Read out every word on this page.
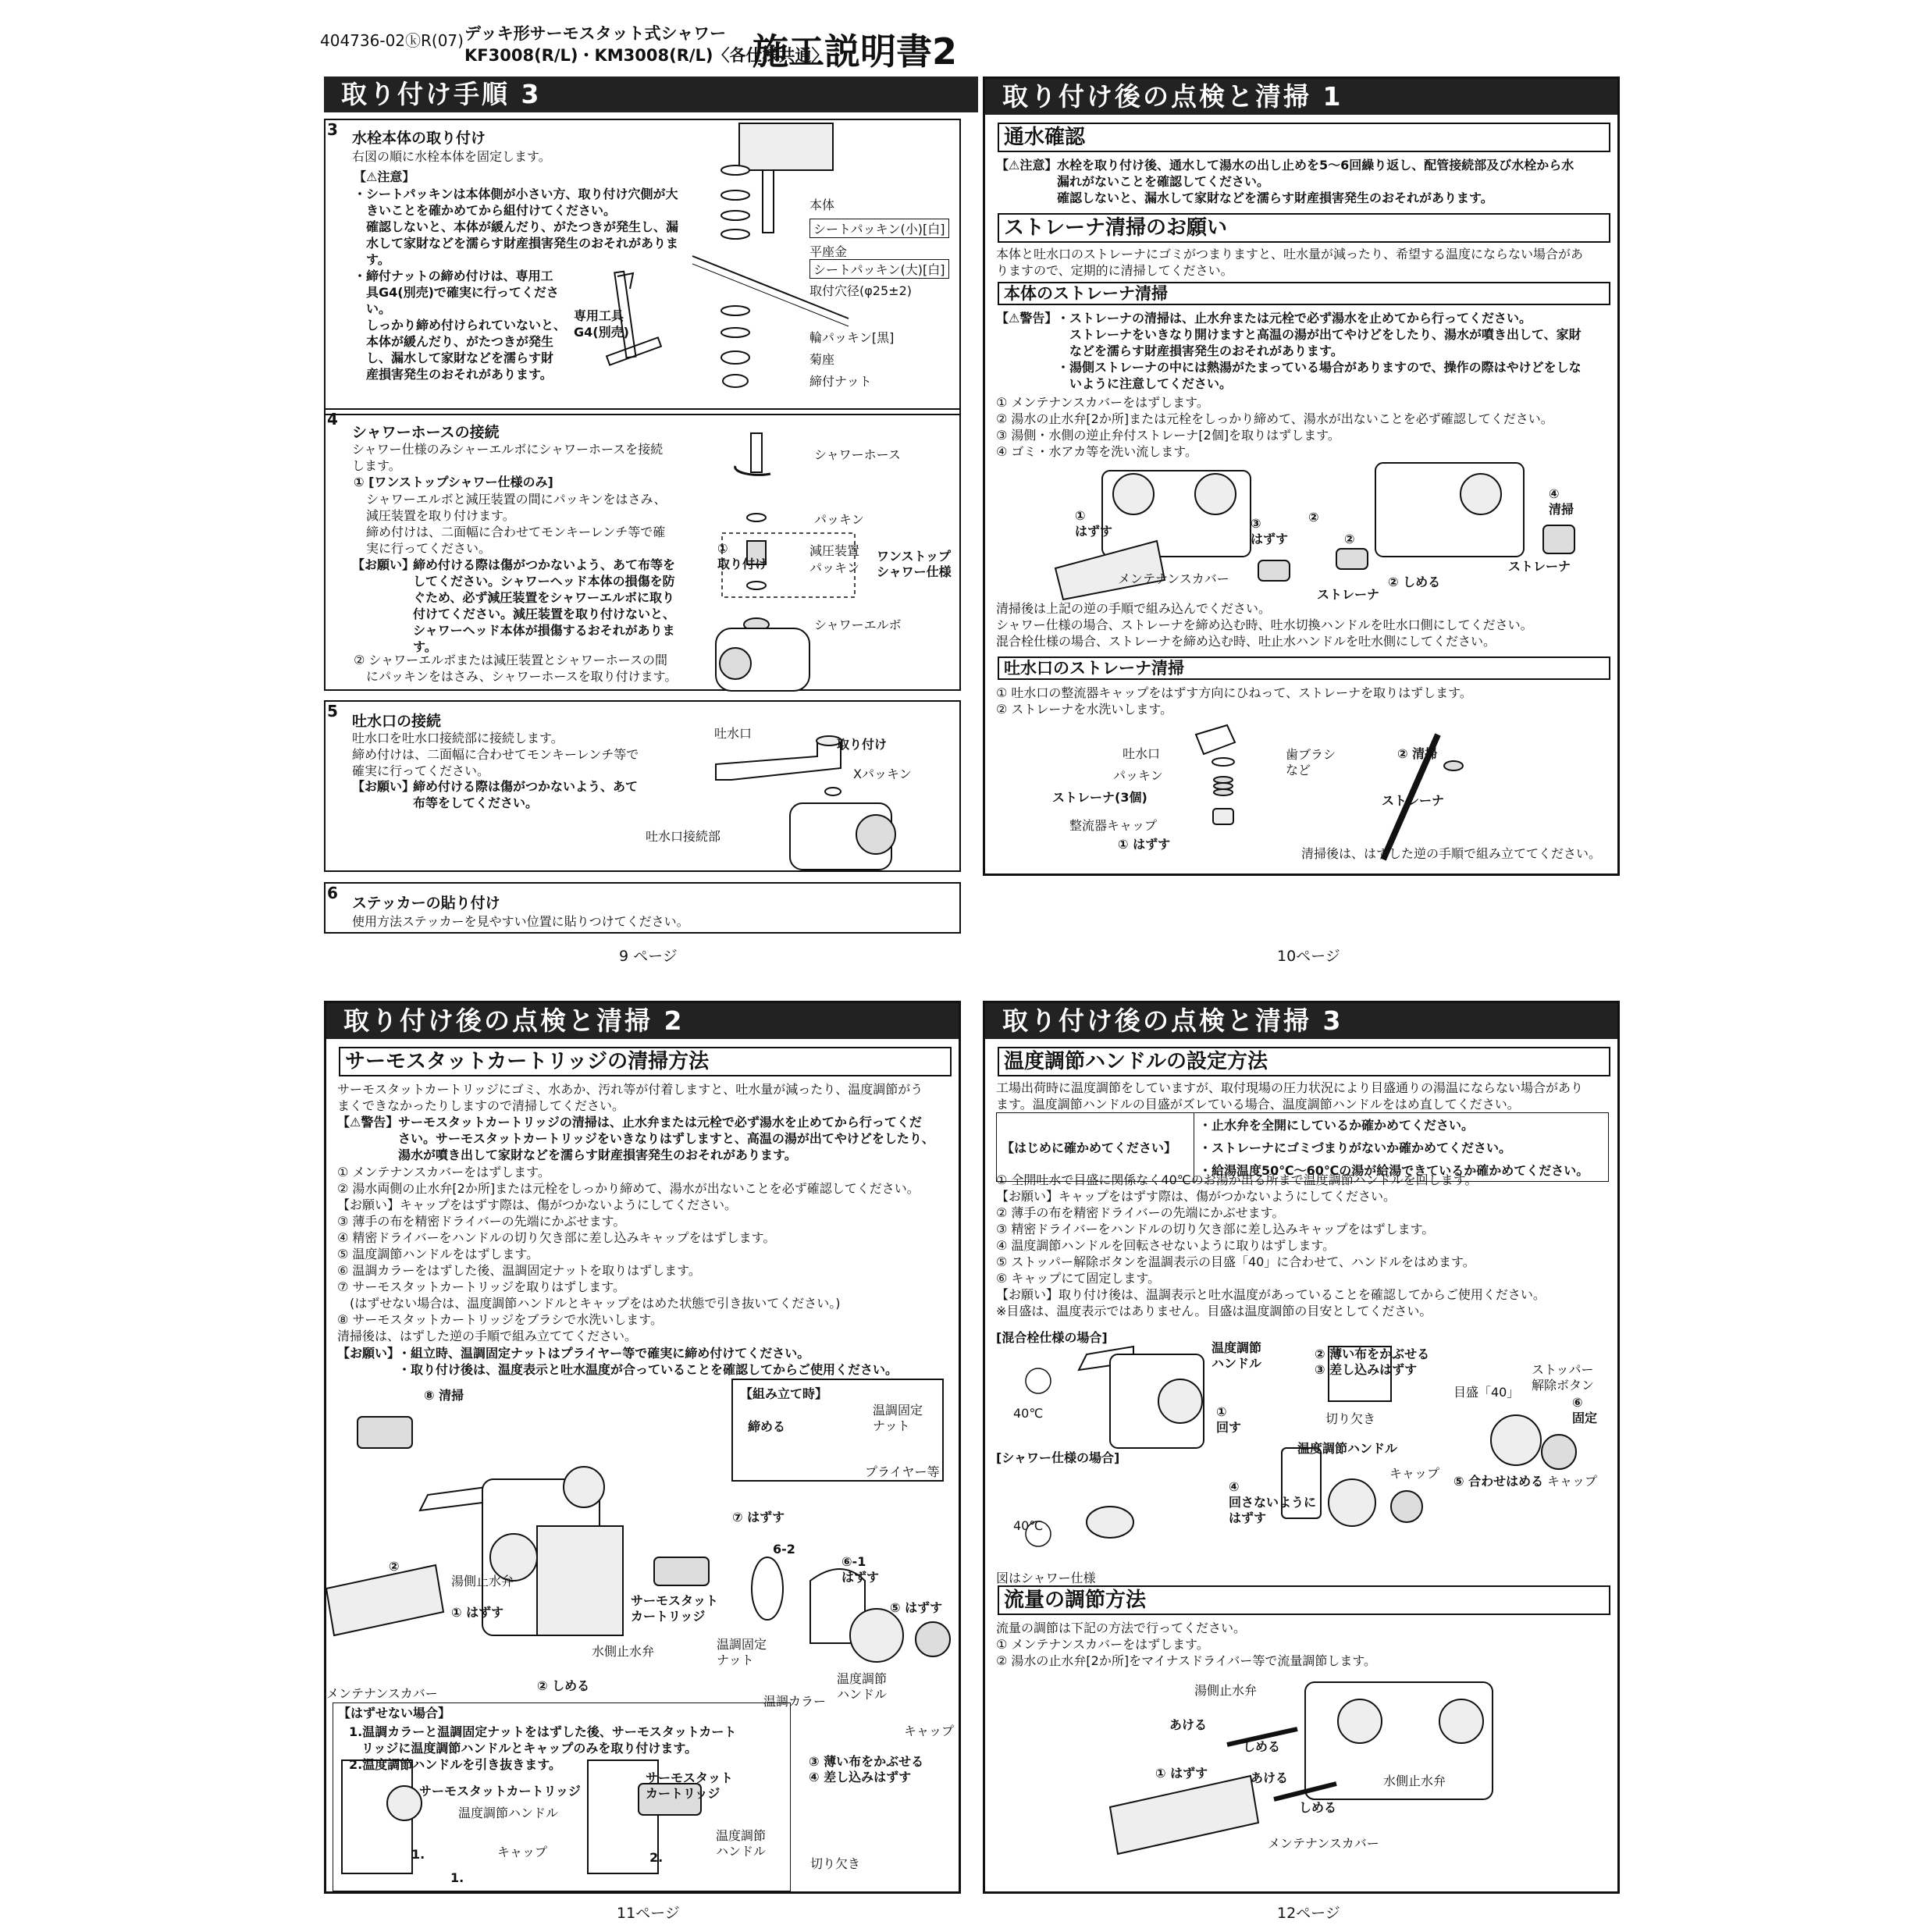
404736-02ⓚR(07) デッキ形サーモスタット式シャワー
KF3008(R/L)・KM3008(R/L)〈各仕様共通〉
施工説明書2
取り付け手順 3
3 水栓本体の取り付け
右図の順に水栓本体を固定します。
【⚠注意】
・シートパッキンは本体側が小さい方、取り付け穴側が大
　きいことを確かめてから組付けてください。
　確認しないと、本体が緩んだり、がたつきが発生し、漏
　水して家財などを濡らす財産損害発生のおそれがありま
　す。
・締付ナットの締め付けは、専用工
　具G4(別売)で確実に行ってくださ
　い。
　しっかり締め付けられていないと、
　本体が緩んだり、がたつきが発生
　し、漏水して家財などを濡らす財
　産損害発生のおそれがあります。
専用工具
G4(別売)
本体
シートパッキン(小)[白]
平座金
シートパッキン(大)[白]
取付穴径(φ25±2)
輪パッキン[黒]
菊座
締付ナット
4
シャワーホースの接続
シャワー仕様のみシャーエルボにシャワーホースを接続
します。
① [ワンストップシャワー仕様のみ]
　シャワーエルボと減圧装置の間にパッキンをはさみ、
　減圧装置を取り付けます。
　締め付けは、二面幅に合わせてモンキーレンチ等で確
　実に行ってください。
【お願い】
締め付ける際は傷がつかないよう、あて布等を
してください。シャワーヘッド本体の損傷を防
ぐため、必ず減圧装置をシャワーエルボに取り
付けてください。減圧装置を取り付けないと、
シャワーヘッド本体が損傷するおそれがありま
す。
② シャワーエルボまたは減圧装置とシャワーホースの間
　にパッキンをはさみ、シャワーホースを取り付けます。
シャワーホース
パッキン
①
取り付け
減圧装置
パッキン
ワンストップ
シャワー仕様
シャワーエルボ
5
吐水口の接続
吐水口を吐水口接続部に接続します。
締め付けは、二面幅に合わせてモンキーレンチ等で
確実に行ってください。
【お願い】
締め付ける際は傷がつかないよう、あて
布等をしてください。
吐水口
取り付け
Xパッキン
吐水口接続部
6
ステッカーの貼り付け
使用方法ステッカーを見やすい位置に貼りつけてください。
9 ページ
取り付け後の点検と清掃 1
通水確認
【⚠注意】 水栓を取り付け後、通水して湯水の出し止めを5～6回繰り返し、配管接続部及び水栓から水
漏れがないことを確認してください。
確認しないと、漏水して家財などを濡らす財産損害発生のおそれがあります。
ストレーナ清掃のお願い
本体と吐水口のストレーナにゴミがつまりますと、吐水量が減ったり、希望する温度にならない場合があ
りますので、定期的に清掃してください。
本体のストレーナ清掃
【⚠警告】 ・ストレーナの清掃は、止水弁または元栓で必ず湯水を止めてから行ってください。
　ストレーナをいきなり開けますと高温の湯が出てやけどをしたり、湯水が噴き出して、家財
　などを濡らす財産損害発生のおそれがあります。
・湯側ストレーナの中には熱湯がたまっている場合がありますので、操作の際はやけどをしな
　いように注意してください。
① メンテナンスカバーをはずします。
② 湯水の止水弁[2か所]または元栓をしっかり締めて、湯水が出ないことを必ず確認してください。
③ 湯側・水側の逆止弁付ストレーナ[2個]を取りはずします。
④ ゴミ・水アカ等を洗い流します。
①
はずす
メンテナンスカバー
③
はずす
②
②
ストレーナ
② しめる
④
清掃
ストレーナ
清掃後は上記の逆の手順で組み込んでください。
シャワー仕様の場合、ストレーナを締め込む時、吐水切換ハンドルを吐水口側にしてください。
混合栓仕様の場合、ストレーナを締め込む時、吐止水ハンドルを吐水側にしてください。
吐水口のストレーナ清掃
① 吐水口の整流器キャップをはずす方向にひねって、ストレーナを取りはずします。
② ストレーナを水洗いします。
吐水口
パッキン
ストレーナ(3個)
整流器キャップ
① はずす
歯ブラシ
など
② 清掃
ストレーナ
清掃後は、はずした逆の手順で組み立ててください。
10ページ
取り付け後の点検と清掃 2
サーモスタットカートリッジの清掃方法
サーモスタットカートリッジにゴミ、水あか、汚れ等が付着しますと、吐水量が減ったり、温度調節がう
まくできなかったりしますので清掃してください。
【⚠警告】 サーモスタットカートリッジの清掃は、止水弁または元栓で必ず湯水を止めてから行ってくだ
さい。サーモスタットカートリッジをいきなりはずしますと、高温の湯が出てやけどをしたり、
湯水が噴き出して家財などを濡らす財産損害発生のおそれがあります。
① メンテナンスカバーをはずします。
② 湯水両側の止水弁[2か所]または元栓をしっかり締めて、湯水が出ないことを必ず確認してください。
【お願い】キャップをはずす際は、傷がつかないようにしてください。
③ 薄手の布を精密ドライバーの先端にかぶせます。
④ 精密ドライバーをハンドルの切り欠き部に差し込みキャップをはずします。
⑤ 温度調節ハンドルをはずします。
⑥ 温調カラーをはずした後、温調固定ナットを取りはずします。
⑦ サーモスタットカートリッジを取りはずします。
　(はずせない場合は、温度調節ハンドルとキャップをはめた状態で引き抜いてください。)
⑧ サーモスタットカートリッジをブラシで水洗いします。
清掃後は、はずした逆の手順で組み立ててください。
【お願い】
・組立時、温調固定ナットはプライヤー等で確実に締め付けてください。
・取り付け後は、温度表示と吐水温度が合っていることを確認してからご使用ください。
⑧ 清掃	【組み立て時】
締める
温調固定
ナット
プライヤー等
⑦ はずす
6-2
⑥-1
はずす
⑤ はずす
②
湯側止水弁
① はずす
サーモスタット
カートリッジ
温調固定
ナット
温調カラー
温度調節
ハンドル
キャップ
水側止水弁
メンテナンスカバー
② しめる
③ 薄い布をかぶせる
④ 差し込みはずす
切り欠き
【はずせない場合】
1.温調カラーと温調固定ナットをはずした後、サーモスタットカート
　リッジに温度調節ハンドルとキャップのみを取り付けます。
2.温度調節ハンドルを引き抜きます。
サーモスタットカートリッジ
温度調節ハンドル
キャップ
1.
1.
サーモスタット
カートリッジ
温度調節
ハンドル
2.
11ページ
取り付け後の点検と清掃 3
温度調節ハンドルの設定方法
工場出荷時に温度調節をしていますが、取付現場の圧力状況により目盛通りの湯温にならない場合があり
ます。温度調節ハンドルの目盛がズレている場合、温度調節ハンドルをはめ直してください。
【はじめに確かめてください】	・止水弁を全開にしているか確かめてください。
・ストレーナにゴミづまりがないか確かめてください。
・給湯温度50℃～60℃の湯が給湯できているか確かめてください。
① 全開吐水で目盛に関係なく40℃のお湯が出る所まで温度調節ハンドルを回します。
【お願い】キャップをはずす際は、傷がつかないようにしてください。
② 薄手の布を精密ドライバーの先端にかぶせます。
③ 精密ドライバーをハンドルの切り欠き部に差し込みキャップをはずします。
④ 温度調節ハンドルを回転させないように取りはずします。
⑤ ストッパー解除ボタンを温調表示の目盛「40」に合わせて、ハンドルをはめます。
⑥ キャップにて固定します。
【お願い】取り付け後は、温調表示と吐水温度があっていることを確認してからご使用ください。
※目盛は、温度表示ではありません。目盛は温度調節の目安としてください。
[混合栓仕様の場合]
40℃
温度調節
ハンドル
①
回す
② 薄い布をかぶせる
③ 差し込みはずす
切り欠き
温度調節ハンドル
キャップ
④
回さないように
はずす
[シャワー仕様の場合]
40℃
図はシャワー仕様
ストッパー
解除ボタン
目盛「40」
⑥
固定
⑤ 合わせはめる キャップ
流量の調節方法
流量の調節は下記の方法で行ってください。
① メンテナンスカバーをはずします。
② 湯水の止水弁[2か所]をマイナスドライバー等で流量調節します。
湯側止水弁
あける
しめる
① はずす	あける
しめる
水側止水弁
メンテナンスカバー
12ページ
